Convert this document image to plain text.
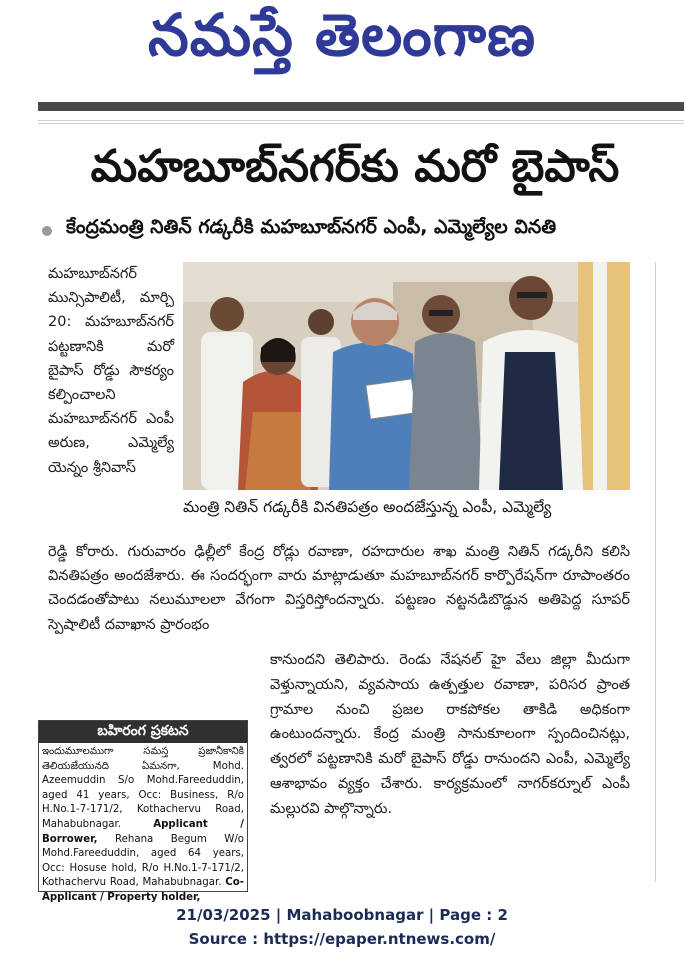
నమస్తే తెలంగాణ
మహబూబ్‌నగర్‌కు మరో బైపాస్
కేంద్రమంత్రి నితిన్ గడ్కరీకి మహబూబ్‌నగర్ ఎంపీ, ఎమ్మెల్యేల వినతి
మహబూబ్‌నగర్ మున్సిపాలిటీ, మార్చి 20: మహబూబ్‌నగర్ పట్టణానికి మరో బైపాస్ రోడ్డు సౌకర్యం కల్పించాలని మహబూబ్‌నగర్ ఎంపీ అరుణ, ఎమ్మెల్యే యెన్నం శ్రీనివాస్
మంత్రి నితిన్ గడ్కరీకి వినతిపత్రం అందజేస్తున్న ఎంపీ, ఎమ్మెల్యే
రెడ్డి కోరారు. గురువారం ఢిల్లీలో కేంద్ర రోడ్లు రవాణా, రహదారుల శాఖ మంత్రి నితిన్ గడ్కరీని కలిసి వినతిపత్రం అందజేశారు. ఈ సందర్భంగా వారు మాట్లాడుతూ మహబూబ్‌నగర్ కార్పొరేషన్‌గా రూపాంతరం చెందడంతోపాటు నలుమూలలా వేగంగా విస్తరిస్తోందన్నారు. పట్టణం నట్టనడిబొడ్డున అతిపెద్ద సూపర్ స్పెషాలిటీ దవాఖాన ప్రారంభం
కానుందని తెలిపారు. రెండు నేషనల్ హై వేలు జిల్లా మీదుగా వెళ్తున్నాయని, వ్యవసాయ ఉత్పత్తుల రవాణా, పరిసర ప్రాంత గ్రామాల నుంచి ప్రజల రాకపోకల తాకిడి అధికంగా ఉంటుందన్నారు. కేంద్ర మంత్రి సానుకూలంగా స్పందించినట్లు, త్వరలో పట్టణానికి మరో బైపాస్ రోడ్డు రానుందని ఎంపీ, ఎమ్మెల్యే ఆశాభావం వ్యక్తం చేశారు. కార్యక్రమంలో నాగర్‌కర్నూల్ ఎంపీ మల్లురవి పాల్గొన్నారు.
బహిరంగ ప్రకటన
ఇందుమూలముగా సమస్త ప్రజానీకానికి తెలియజేయునది ఏమనగా,	Mohd. Azeemuddin S/o Mohd.Fareeduddin, aged 41 years, Occ: Business, R/o H.No.1-7-171/2, Kothachervu Road, Mahabubnagar.	Applicant / Borrower, Rehana Begum W/o Mohd.Fareeduddin, aged 64 years, Occ: Hosuse hold, R/o H.No.1-7-171/2, Kothachervu Road, Mahabubnagar. Co-Applicant / Property holder,
21/03/2025 | Mahaboobnagar | Page : 2
Source : https://epaper.ntnews.com/
